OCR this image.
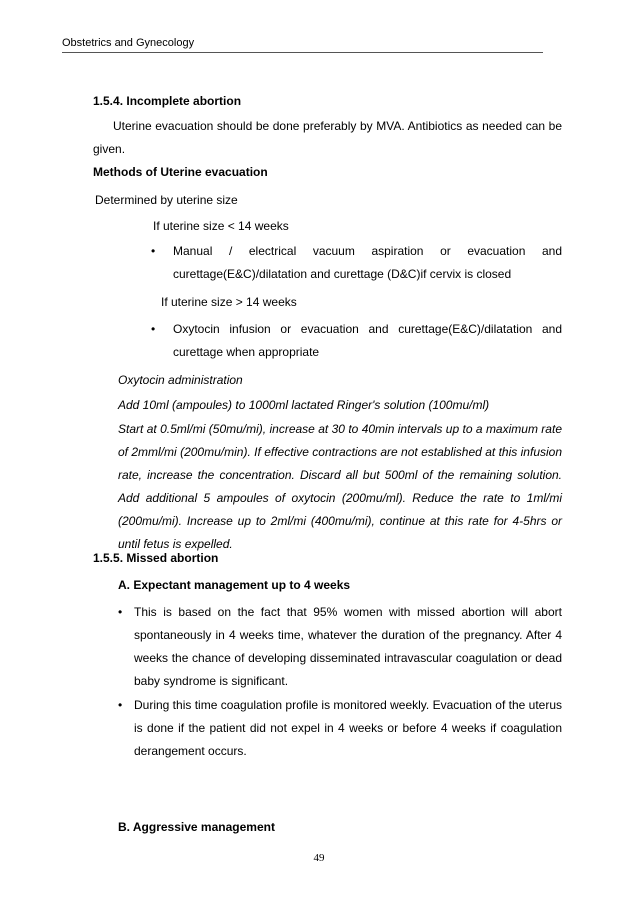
Obstetrics and Gynecology
1.5.4. Incomplete abortion
Uterine evacuation should be done preferably by MVA. Antibiotics as needed can be given.
Methods of Uterine evacuation
Determined by uterine size
If uterine size < 14 weeks
• Manual / electrical vacuum aspiration or evacuation and curettage(E&C)/dilatation and curettage (D&C)if cervix is closed
If uterine size > 14 weeks
• Oxytocin infusion or evacuation and curettage(E&C)/dilatation and curettage when appropriate
Oxytocin administration
Add 10ml (ampoules) to 1000ml lactated Ringer's solution (100mu/ml)
Start at 0.5ml/mi (50mu/mi), increase at 30 to 40min intervals up to a maximum rate of 2mml/mi (200mu/min). If effective contractions are not established at this infusion rate, increase the concentration. Discard all but 500ml of the remaining solution. Add additional 5 ampoules of oxytocin (200mu/ml). Reduce the rate to 1ml/mi (200mu/mi). Increase up to 2ml/mi (400mu/mi), continue at this rate for 4-5hrs or until fetus is expelled.
1.5.5. Missed abortion
A. Expectant management up to 4 weeks
• This is based on the fact that 95% women with missed abortion will abort spontaneously in 4 weeks time, whatever the duration of the pregnancy. After 4 weeks the chance of developing disseminated intravascular coagulation or dead baby syndrome is significant.
• During this time coagulation profile is monitored weekly. Evacuation of the uterus is done if the patient did not expel in 4 weeks or before 4 weeks if coagulation derangement occurs.
B. Aggressive management
49
